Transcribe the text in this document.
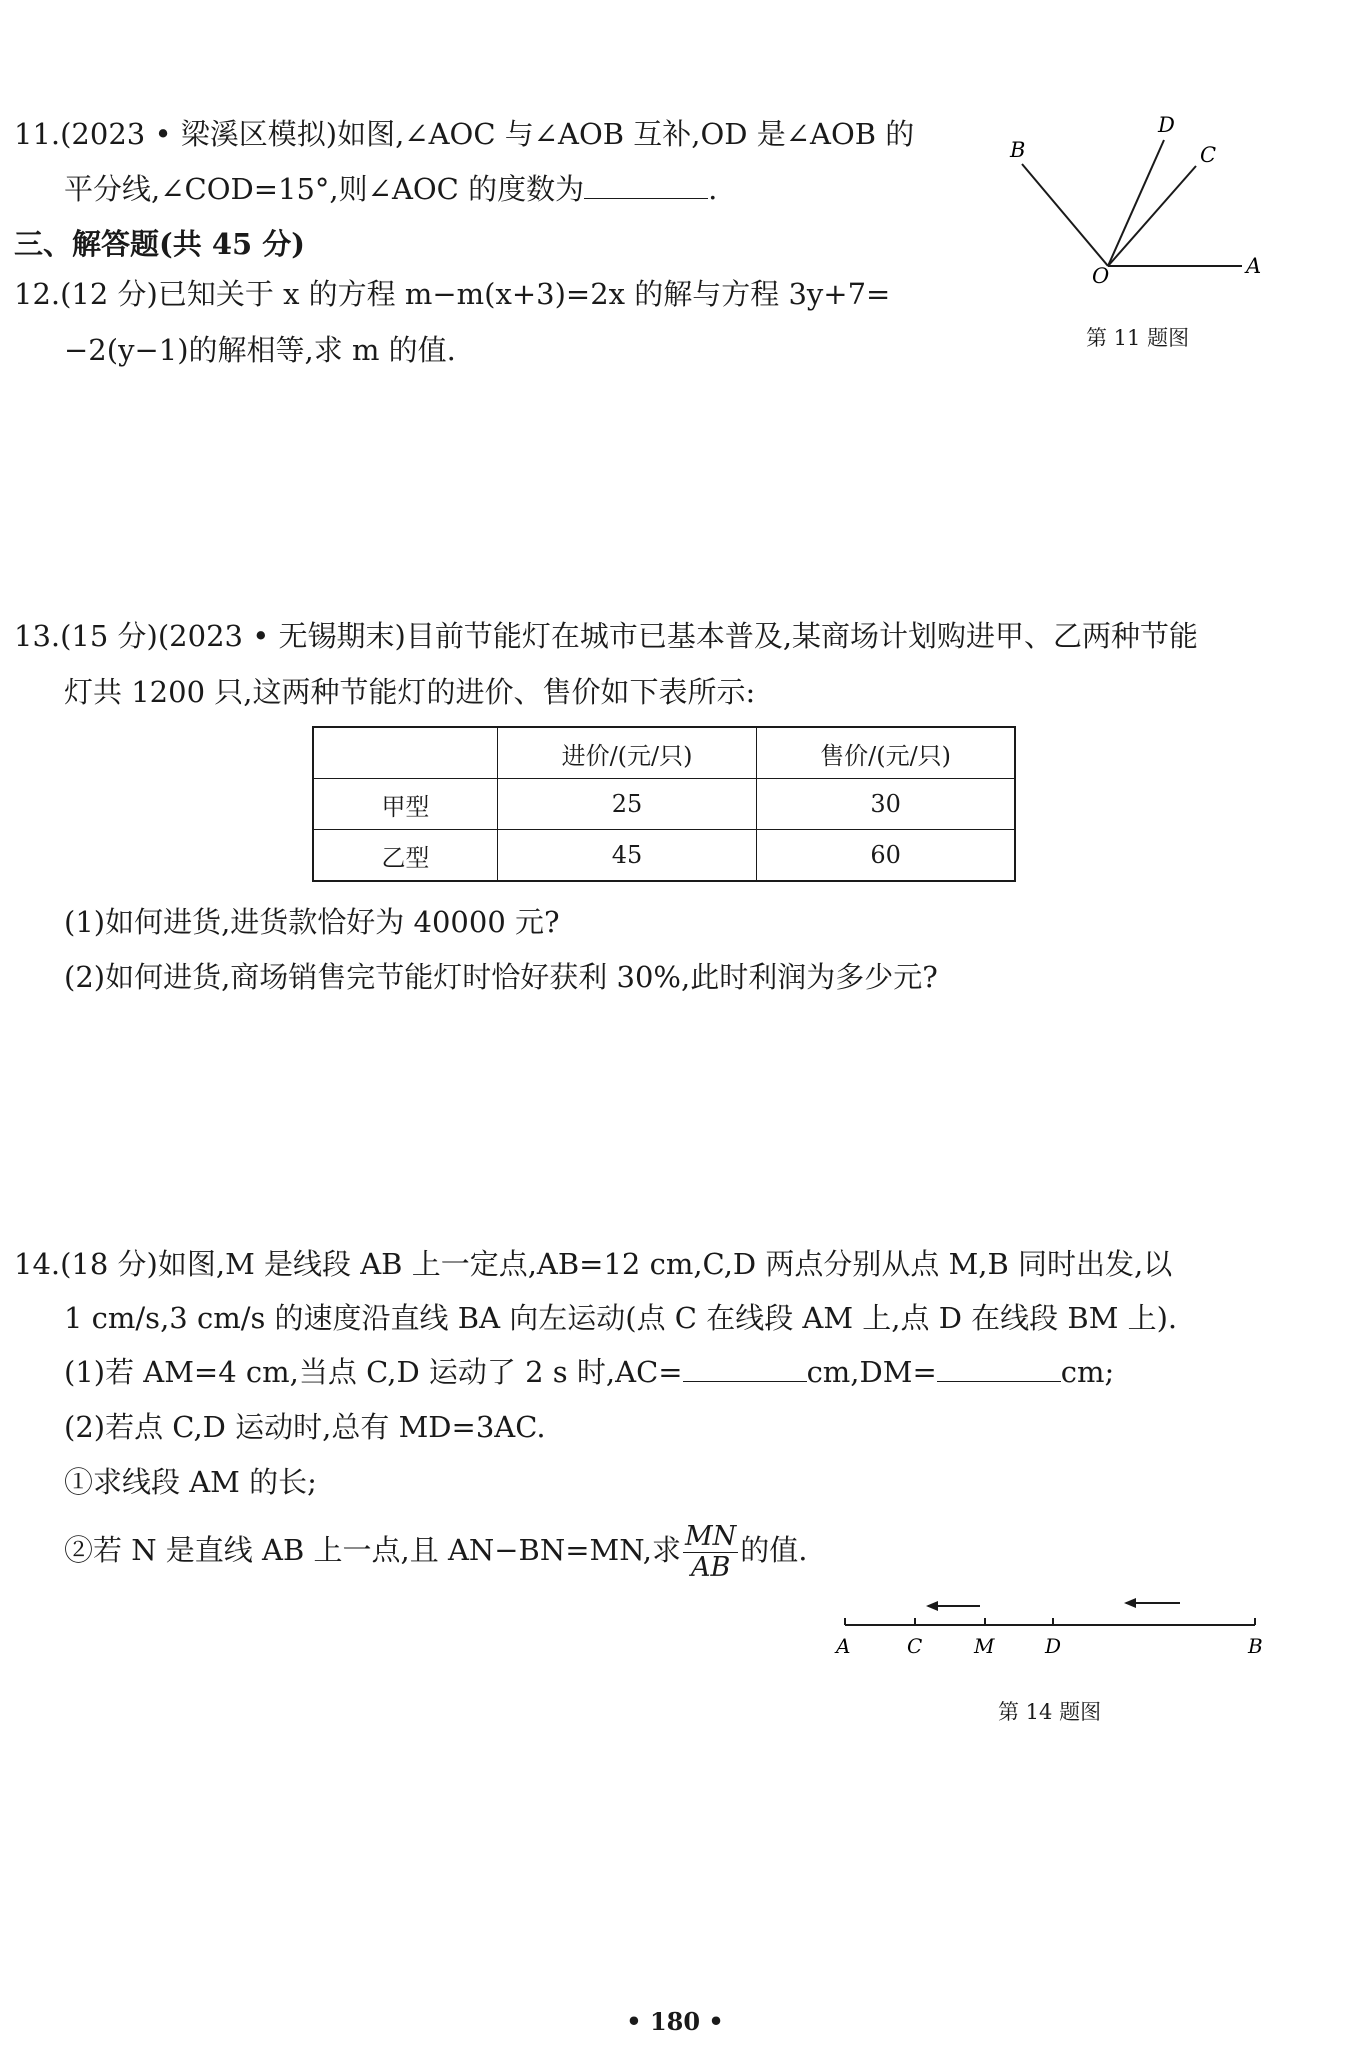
11.(2023 • 梁溪区模拟)如图,∠AOC 与∠AOB 互补,OD 是∠AOB 的
平分线,∠COD=15°,则∠AOC 的度数为	.
B
D
C
O	A
第 11 题图
三、解答题(共 45 分)
12.(12 分)已知关于 x 的方程 m−m(x+3)=2x 的解与方程 3y+7=
−2(y−1)的解相等,求 m 的值.
13.(15 分)(2023 • 无锡期末)目前节能灯在城市已基本普及,某商场计划购进甲、乙两种节能
灯共 1200 只,这两种节能灯的进价、售价如下表所示:
	进价/(元/只)	售价/(元/只)
甲型	25	30
乙型	45	60
(1)如何进货,进货款恰好为 40000 元?
(2)如何进货,商场销售完节能灯时恰好获利 30%,此时利润为多少元?
14.(18 分)如图,M 是线段 AB 上一定点,AB=12 cm,C,D 两点分别从点 M,B 同时出发,以
1 cm/s,3 cm/s 的速度沿直线 BA 向左运动(点 C 在线段 AM 上,点 D 在线段 BM 上).
(1)若 AM=4 cm,当点 C,D 运动了 2 s 时,AC=	cm,DM=	cm;
(2)若点 C,D 运动时,总有 MD=3AC.
①求线段 AM 的长;
②若 N 是直线 AB 上一点,且 AN−BN=MN,求 $\frac{MN}{AB}$ 的值.
A	C	M	D	B
第 14 题图
• 180 •
